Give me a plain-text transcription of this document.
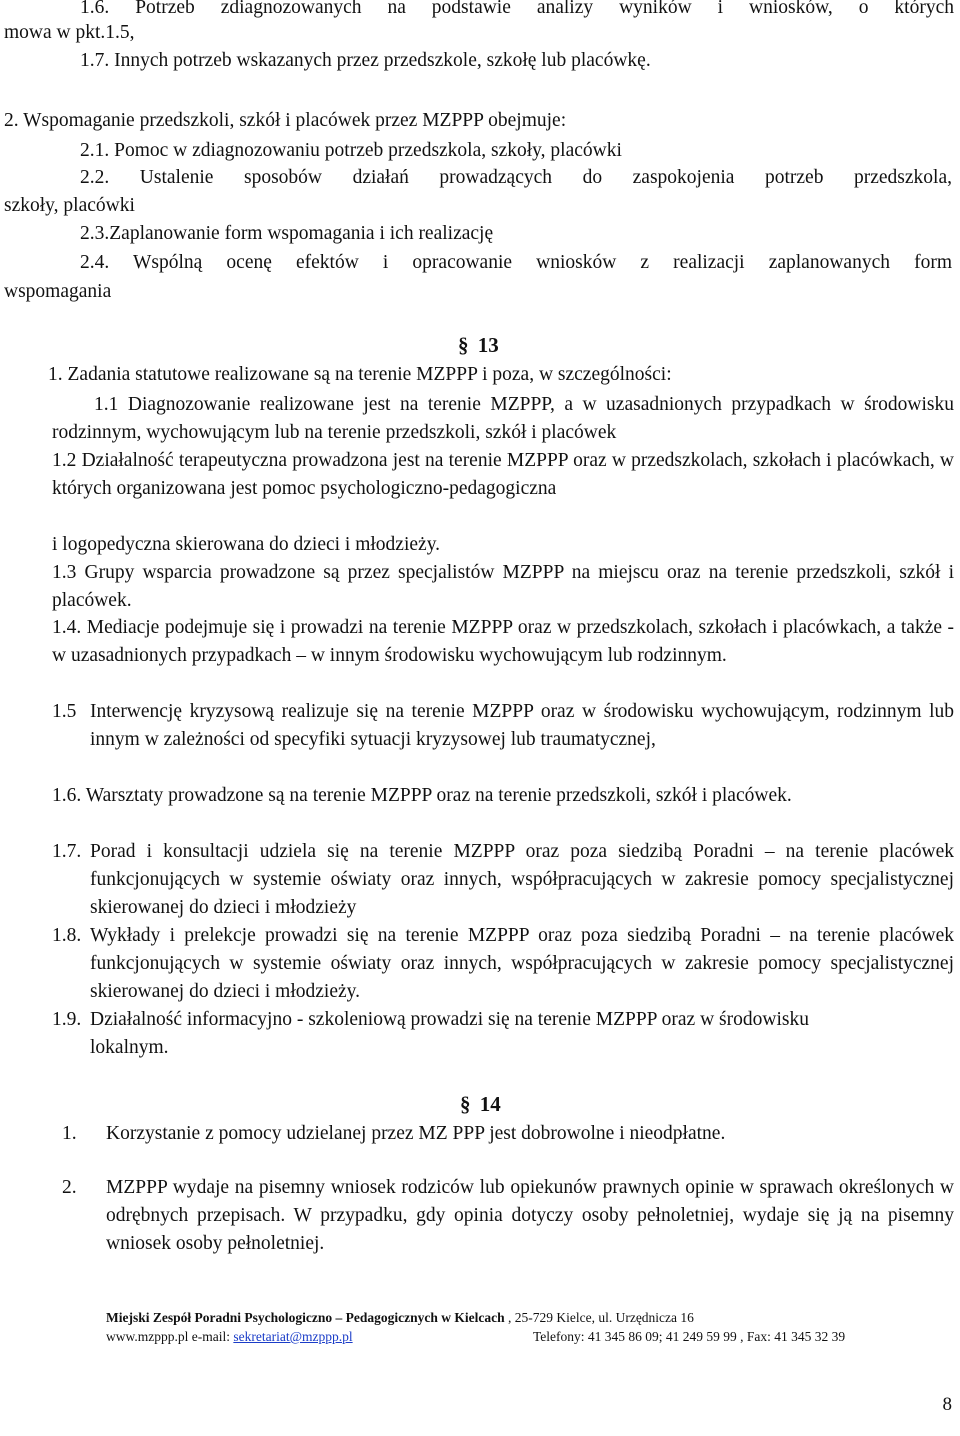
1.6. Potrzeb zdiagnozowanych na podstawie analizy wyników i wniosków, o których
mowa w pkt.1.5,
1.7. Innych potrzeb wskazanych przez przedszkole, szkołę lub placówkę.
2. Wspomaganie przedszkoli, szkół i placówek przez MZPPP obejmuje:
2.1. Pomoc w zdiagnozowaniu potrzeb przedszkola, szkoły, placówki
2.2. Ustalenie sposobów działań prowadzących do zaspokojenia potrzeb przedszkola,
szkoły, placówki
2.3.Zaplanowanie form wspomagania i ich realizację
2.4. Wspólną ocenę efektów i opracowanie wniosków z realizacji zaplanowanych form
wspomagania
§ 13
1. Zadania statutowe realizowane są na terenie MZPPP i poza, w szczególności:
1.1 Diagnozowanie realizowane jest na terenie MZPPP, a w uzasadnionych przypadkach w środowisku rodzinnym, wychowującym lub na terenie przedszkoli, szkół i placówek
1.2 Działalność terapeutyczna prowadzona jest na terenie MZPPP oraz w przedszkolach, szkołach i placówkach, w których organizowana jest pomoc psychologiczno-pedagogiczna
i logopedyczna skierowana do dzieci i młodzieży.
1.3 Grupy wsparcia prowadzone są przez specjalistów MZPPP na miejscu oraz na terenie przedszkoli, szkół i placówek.
1.4. Mediacje podejmuje się i prowadzi na terenie MZPPP oraz w przedszkolach, szkołach i placówkach, a także - w uzasadnionych przypadkach – w innym środowisku wychowującym lub rodzinnym.
1.5 Interwencję kryzysową realizuje się na terenie MZPPP oraz w środowisku wychowującym, rodzinnym lub innym w zależności od specyfiki sytuacji kryzysowej lub traumatycznej,
1.6. Warsztaty prowadzone są na terenie MZPPP oraz na terenie przedszkoli, szkół i placówek.
1.7. Porad i konsultacji udziela się na terenie MZPPP oraz poza siedzibą Poradni – na terenie placówek funkcjonujących w systemie oświaty oraz innych, współpracujących w zakresie pomocy specjalistycznej skierowanej do dzieci i młodzieży
1.8. Wykłady i prelekcje prowadzi się na terenie MZPPP oraz poza siedzibą Poradni – na terenie placówek funkcjonujących w systemie oświaty oraz innych, współpracujących w zakresie pomocy specjalistycznej skierowanej do dzieci i młodzieży.
1.9. Działalność informacyjno - szkoleniową prowadzi się na terenie MZPPP oraz w środowisku lokalnym.
§ 14
1. Korzystanie z pomocy udzielanej przez MZ PPP jest dobrowolne i nieodpłatne.
2. MZPPP wydaje na pisemny wniosek rodziców lub opiekunów prawnych opinie w sprawach określonych w odrębnych przepisach. W przypadku, gdy opinia dotyczy osoby pełnoletniej, wydaje się ją na pisemny wniosek osoby pełnoletniej.
Miejski Zespół Poradni Psychologiczno – Pedagogicznych w Kielcach , 25-729 Kielce, ul. Urzędnicza 16
www.mzppp.pl e-mail: sekretariat@mzppp.pl	Telefony: 41 345 86 09; 41 249 59 99 , Fax: 41 345 32 39
8
